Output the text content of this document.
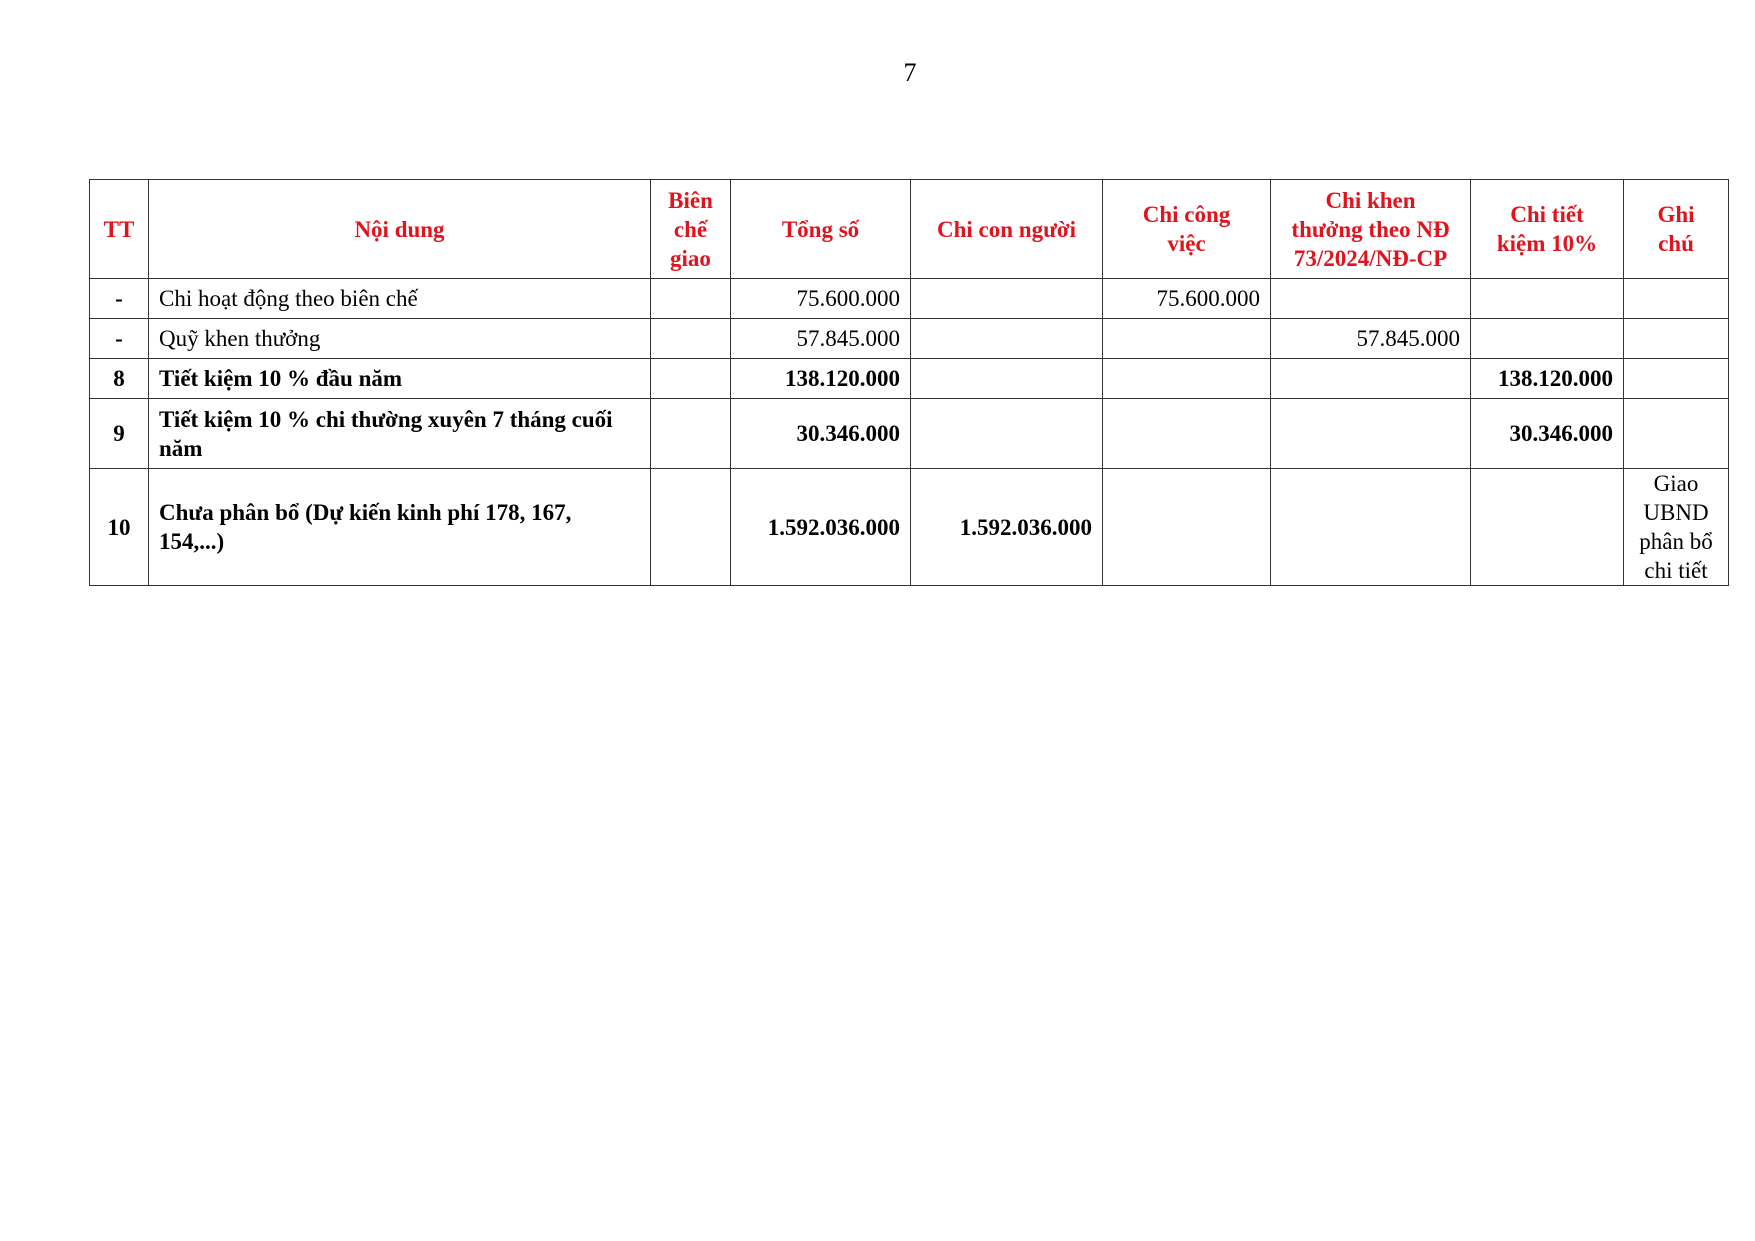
7
TT	Nội dung	Biên
chế
giao	Tổng số	Chi con người	Chi công
việc	Chi khen
thưởng theo NĐ
73/2024/NĐ-CP	Chi tiết
kiệm 10%	Ghi
chú
-	Chi hoạt động theo biên chế		75.600.000		75.600.000			
-	Quỹ khen thưởng		57.845.000			57.845.000		
8	Tiết kiệm 10 % đầu năm		138.120.000				138.120.000	
9	Tiết kiệm 10 % chi thường xuyên 7 tháng cuối năm		30.346.000				30.346.000	
10	Chưa phân bổ (Dự kiến kinh phí 178, 167, 154,...)		1.592.036.000	1.592.036.000				Giao
UBND
phân bổ
chi tiết
